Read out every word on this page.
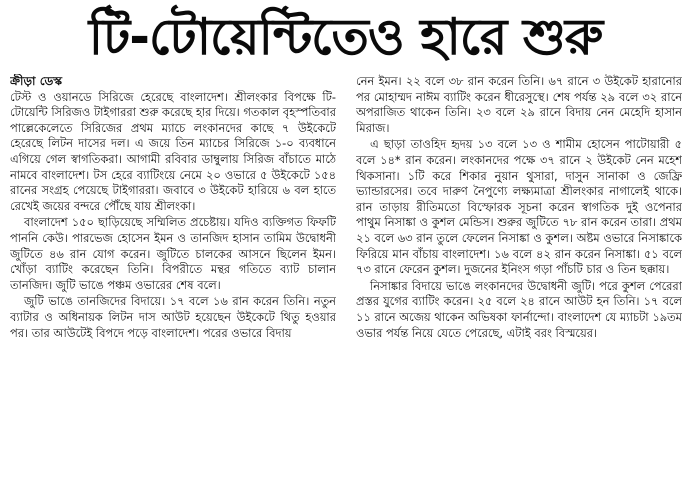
টি-টোয়েন্টিতেও হারে শুরু
ক্রীড়া ডেস্ক

টেস্ট ও ওয়ানডে সিরিজে হেরেছে বাংলাদেশ। শ্রীলংকার বিপক্ষে টি-টোয়েন্টি সিরিজও টাইগাররা শুরু করেছে হার দিয়ে। গতকাল বৃহস্পতিবার পাল্লেকেলেতে সিরিজের প্রথম ম্যাচে লংকানদের কাছে ৭ উইকেটে হেরেছে লিটন দাসের দল। এ জয়ে তিন ম্যাচের সিরিজে ১-০ ব্যবধানে এগিয়ে গেল স্বাগতিকরা। আগামী রবিবার ডাম্বুলায় সিরিজ বাঁচাতে মাঠে নামবে বাংলাদেশ। টস হেরে ব্যাটিংয়ে নেমে ২০ ওভারে ৫ উইকেটে ১৫৪ রানের সংগ্রহ পেয়েছে টাইগাররা। জবাবে ৩ উইকেট হারিয়ে ৬ বল হাতে রেখেই জয়ের বন্দরে পৌঁছে যায় শ্রীলংকা।

বাংলাদেশ ১৫০ ছাড়িয়েছে সম্মিলিত প্রচেষ্টায়। যদিও ব্যক্তিগত ফিফটি পাননি কেউ। পারভেজ হোসেন ইমন ও তানজিদ হাসান তামিম উদ্বোধনী জুটিতে ৪৬ রান যোগ করেন। জুটিতে চালকের আসনে ছিলেন ইমন। খোঁড়া ব্যাটিং করেছেন তিনি। বিপরীতে মন্থর গতিতে ব্যাট চালান তানজিদ। জুটি ভাঙে পঞ্চম ওভারের শেষ বলে।

জুটি ভাঙে তানজিদের বিদায়ে। ১৭ বলে ১৬ রান করেন তিনি। নতুন ব্যাটার ও অধিনায়ক লিটন দাস আউট হয়েছেন উইকেটে থিতু হওয়ার পর। তার আউটেই বিপদে পড়ে বাংলাদেশ। পরের ওভারে বিদায়

নেন ইমন। ২২ বলে ৩৮ রান করেন তিনি। ৬৭ রানে ৩ উইকেট হারানোর পর মোহাম্মদ নাঈম ব্যাটিং করেন ধীরেসুস্থে। শেষ পর্যন্ত ২৯ বলে ৩২ রানে অপরাজিত থাকেন তিনি। ২৩ বলে ২৯ রানে বিদায় নেন মেহেদি হাসান মিরাজ।

এ ছাড়া তাওহিদ হৃদয় ১৩ বলে ১৩ ও শামীম হোসেন পাটোয়ারী ৫ বলে ১৪* রান করেন। লংকানদের পক্ষে ৩৭ রানে ২ উইকেট নেন মহেশ থিকসানা। ১টি করে শিকার নুয়ান থুসারা, দাসুন সানাকা ও জেফ্রি ভ্যান্ডারসের। তবে দারুণ নৈপুণ্যে লক্ষ্যমাত্রা শ্রীলংকার নাগালেই থাকে। রান তাড়ায় রীতিমতো বিস্ফোরক সূচনা করেন স্বাগতিক দুই ওপেনার পাথুম নিসাঙ্কা ও কুশল মেন্ডিস। শুরুর জুটিতে ৭৮ রান করেন তারা। প্রথম ২১ বলে ৬৩ রান তুলে ফেলেন নিসাঙ্কা ও কুশল। অষ্টম ওভারে নিসাঙ্কাকে ফিরিয়ে মান বাঁচায় বাংলাদেশ। ১৬ বলে ৪২ রান করেন নিসাঙ্কা। ৫১ বলে ৭৩ রানে ফেরেন কুশল। দুজনের ইনিংস গড়া পাঁচটি চার ও তিন ছক্কায়।

নিসাঙ্কার বিদায়ে ভাঙে লংকানদের উদ্বোধনী জুটি। পরে কুশল পেরেরা প্রস্তর যুগের ব্যাটিং করেন। ২৫ বলে ২৪ রানে আউট হন তিনি। ১৭ বলে ১১ রানে অজেয় থাকেন অভিষকা ফার্নান্দো। বাংলাদেশ যে ম্যাচটা ১৯তম ওভার পর্যন্ত নিয়ে যেতে পেরেছে, এটাই বরং বিস্ময়ের।
